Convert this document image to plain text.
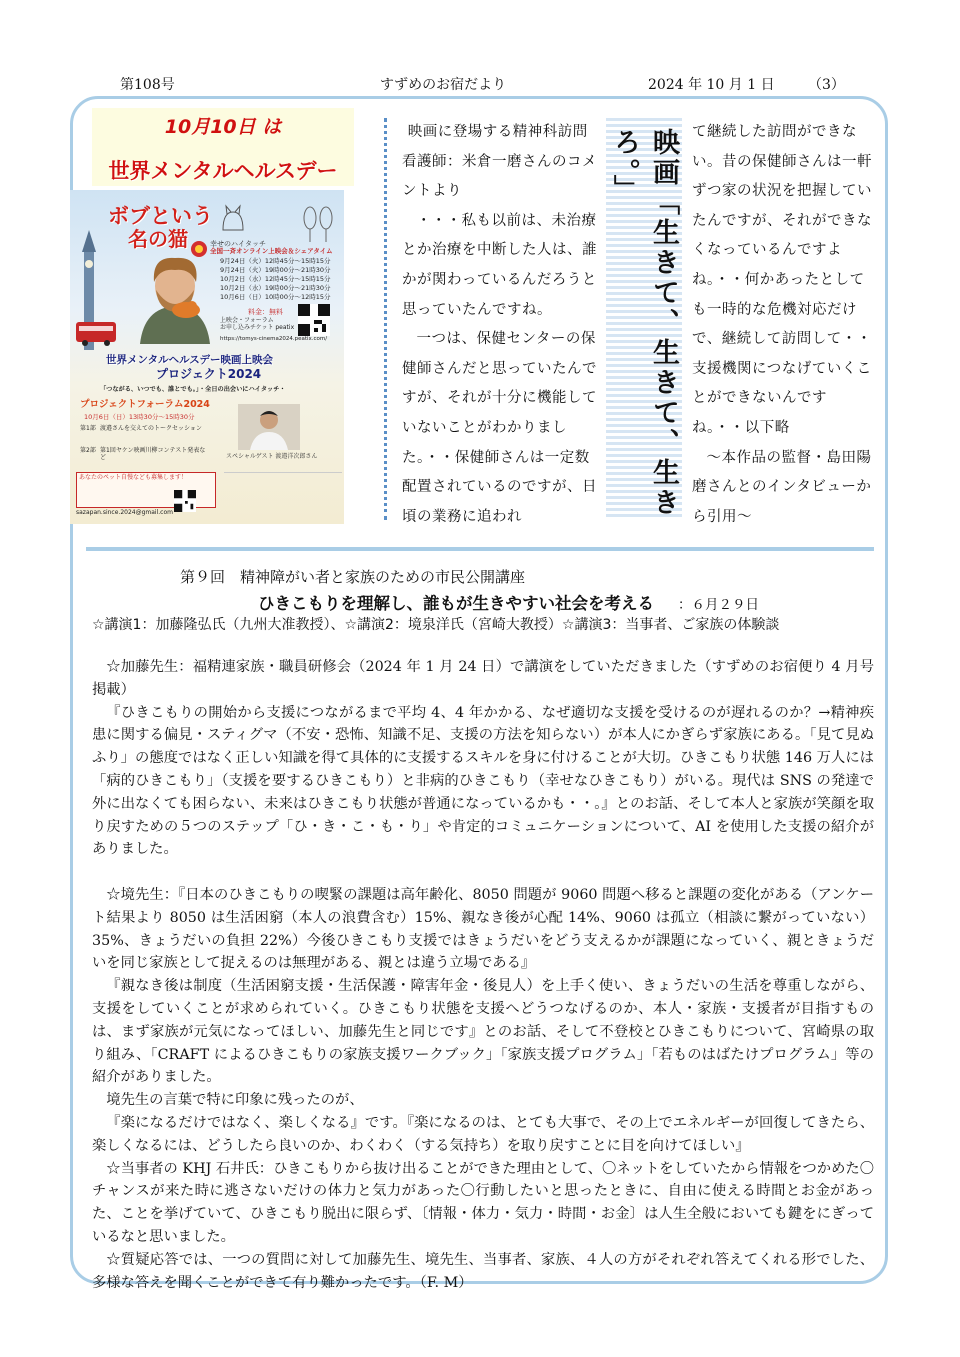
第108号	すずめのお宿だより	2024 年 10 月 1 日 （3）
10月10日 は
世界メンタルヘルスデー
ボブという
名の猫	幸せのハイタッチ
全国一斉オンライン上映会＆シェアタイム
9月24日（火）12時45分〜15時15分
9月24日（火）19時00分〜21時30分
10月2日（水）12時45分〜15時15分
10月2日（水）19時00分〜21時30分
10月6日（日）10時00分〜12時15分
料金：無料
上映会・フォーラム
お申し込みチケット peatix
https://tomys-cinema2024.peatix.com/
世界メンタルヘルスデー映画上映会
プロジェクト2024
「つながる、いつでも、誰とでも。」・全日の出会いにハイタッチ・
プロジェクトフォーラム2024
10月6日（日）13時30分〜15時30分
第1部 渡邉さんを交えてのトークセッション
第2部 第1回ヤケン映画川柳コンテスト発表など	スペシャルゲスト 渡邉洋次郎さん
あなたのペット自慢なども募集します！
sazapan.since.2024@gmail.com

映画に登場する精神科訪問看護師：米倉一磨さんのコメントより

・・・私も以前は、未治療とか治療を中断した人は、誰かが関わっているんだろうと思っていたんですね。

一つは、保健センターの保健師さんだと思っていたんですが、それが十分に機能していないことがわかりました。・・保健師さんは一定数配置されているのですが、日頃の業務に追われ	映画「生きて、生きて、生きろ。」	て継続した訪問ができない。昔の保健師さんは一軒ずつ家の状況を把握していたんですが、それができなくなっているんですよね。・・何かあったとしても一時的な危機対応だけで、継続して訪問して・・支援機関につなげていくことができないんです

ね。・・以下略

〜本作品の監督・島田陽磨さんとのインタビューから引用〜

第９回　精神障がい者と家族のための市民公開講座
ひきこもりを理解し、誰もが生きやすい社会を考える ：６月２９日
☆講演1：加藤隆弘氏（九州大准教授）、☆講演2：境泉洋氏（宮崎大教授）☆講演3：当事者、ご家族の体験談

☆加藤先生：福精連家族・職員研修会（2024 年 1 月 24 日）で講演をしていただきました（すずめのお宿便り 4 月号掲載）

『ひきこもりの開始から支援につながるまで平均 4、4 年かかる、なぜ適切な支援を受けるのが遅れるのか？→精神疾患に関する偏見・スティグマ（不安・恐怖、知識不足、支援の方法を知らない）が本人にかぎらず家族にある。「見て見ぬふり」の態度ではなく正しい知識を得て具体的に支援するスキルを身に付けることが大切。ひきこもり状態 146 万人には「病的ひきこもり」（支援を要するひきこもり）と非病的ひきこもり（幸せなひきこもり）がいる。現代は SNS の発達で外に出なくても困らない、未来はひきこもり状態が普通になっているかも・・。』とのお話、そして本人と家族が笑顔を取り戻すための５つのステップ「ひ・き・こ・も・り」や肯定的コミュニケーションについて、AI を使用した支援の紹介がありました。

☆境先生：『日本のひきこもりの喫緊の課題は高年齢化、8050 問題が 9060 問題へ移ると課題の変化がある（アンケート結果より 8050 は生活困窮（本人の浪費含む）15%、親なき後が心配 14%、9060 は孤立（相談に繋がっていない）35%、きょうだいの負担 22%）今後ひきこもり支援ではきょうだいをどう支えるかが課題になっていく、親ときょうだいを同じ家族として捉えるのは無理がある、親とは違う立場である』

『親なき後は制度（生活困窮支援・生活保護・障害年金・後見人）を上手く使い、きょうだいの生活を尊重しながら、支援をしていくことが求められていく。ひきこもり状態を支援へどうつなげるのか、本人・家族・支援者が目指すものは、まず家族が元気になってほしい、加藤先生と同じです』とのお話、そして不登校とひきこもりについて、宮崎県の取り組み、「CRAFT によるひきこもりの家族支援ワークブック」「家族支援プログラム」「若ものはばたけプログラム」等の紹介がありました。

境先生の言葉で特に印象に残ったのが、

『楽になるだけではなく、楽しくなる』です。『楽になるのは、とても大事で、その上でエネルギーが回復してきたら、楽しくなるには、どうしたら良いのか、わくわく（する気持ち）を取り戻すことに目を向けてほしい』

☆当事者の KHJ 石井氏：ひきこもりから抜け出ることができた理由として、〇ネットをしていたから情報をつかめた〇チャンスが来た時に逃さないだけの体力と気力があった〇行動したいと思ったときに、自由に使える時間とお金があった、ことを挙げていて、ひきこもり脱出に限らず、〔情報・体力・気力・時間・お金〕は人生全般においても鍵をにぎっているなと思いました。

☆質疑応答では、一つの質問に対して加藤先生、境先生、当事者、家族、４人の方がそれぞれ答えてくれる形でした、多様な答えを聞くことができて有り難かったです。（F. M）
